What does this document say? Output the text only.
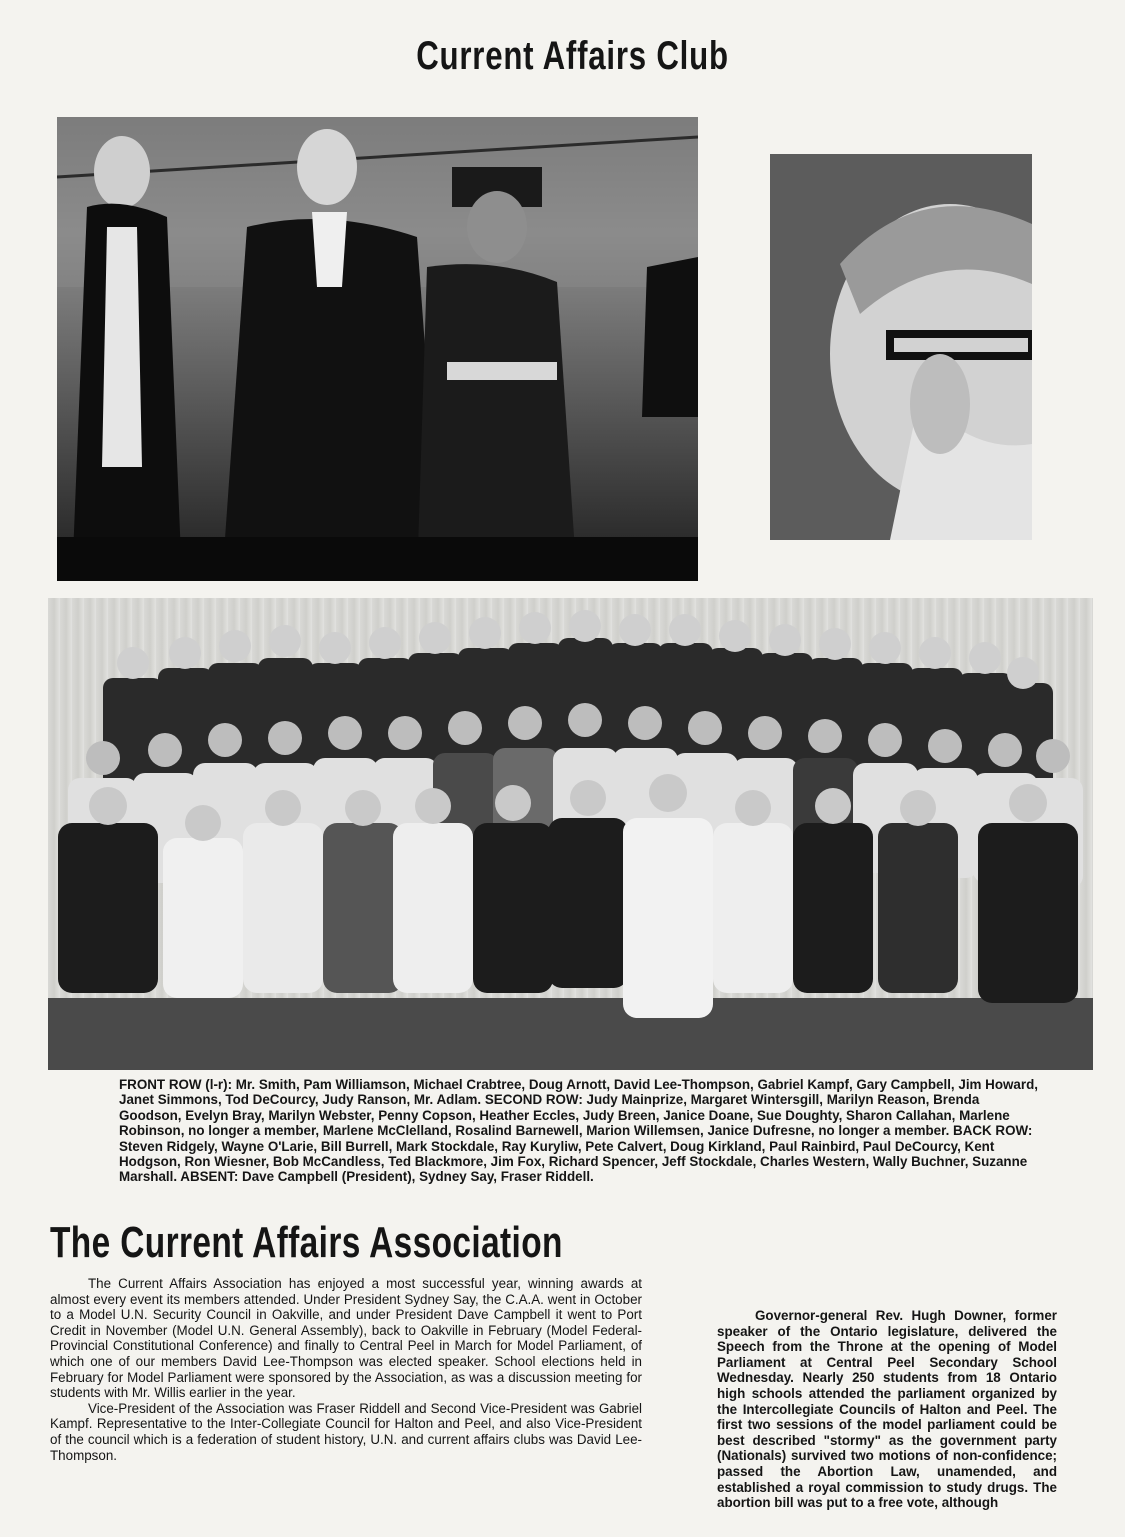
Current Affairs Club
FRONT ROW (l-r): Mr. Smith, Pam Williamson, Michael Crabtree, Doug Arnott, David Lee-Thompson, Gabriel Kampf, Gary Campbell, Jim Howard, Janet Simmons, Tod DeCourcy, Judy Ranson, Mr. Adlam. SECOND ROW: Judy Mainprize, Margaret Wintersgill, Marilyn Reason, Brenda Goodson, Evelyn Bray, Marilyn Webster, Penny Copson, Heather Eccles, Judy Breen, Janice Doane, Sue Doughty, Sharon Callahan, Marlene Robinson, no longer a member, Marlene McClelland, Rosalind Barnewell, Marion Willemsen, Janice Dufresne, no longer a member. BACK ROW: Steven Ridgely, Wayne O'Larie, Bill Burrell, Mark Stockdale, Ray Kuryliw, Pete Calvert, Doug Kirkland, Paul Rainbird, Paul DeCourcy, Kent Hodgson, Ron Wiesner, Bob McCandless, Ted Blackmore, Jim Fox, Richard Spencer, Jeff Stockdale, Charles Western, Wally Buchner, Suzanne Marshall. ABSENT: Dave Campbell (President), Sydney Say, Fraser Riddell.
The Current Affairs Association

The Current Affairs Association has enjoyed a most successful year, winning awards at almost every event its members attended. Under President Sydney Say, the C.A.A. went in October to a Model U.N. Security Council in Oakville, and under President Dave Campbell it went to Port Credit in November (Model U.N. General Assembly), back to Oakville in February (Model Federal-Provincial Constitutional Conference) and finally to Central Peel in March for Model Parliament, of which one of our members David Lee-Thompson was elected speaker. School elections held in February for Model Parliament were sponsored by the Association, as was a discussion meeting for students with Mr. Willis earlier in the year.

Vice-President of the Association was Fraser Riddell and Second Vice-President was Gabriel Kampf. Representative to the Inter-Collegiate Council for Halton and Peel, and also Vice-President of the council which is a federation of student history, U.N. and current affairs clubs was David Lee-Thompson.

Governor-general Rev. Hugh Downer, former speaker of the Ontario legislature, delivered the Speech from the Throne at the opening of Model Parliament at Central Peel Secondary School Wednesday. Nearly 250 students from 18 Ontario high schools attended the parliament organized by the Intercollegiate Councils of Halton and Peel. The first two sessions of the model parliament could be best described "stormy" as the government party (Nationals) survived two motions of non-confidence; passed the Abortion Law, unamended, and established a royal commission to study drugs. The abortion bill was put to a free vote, although
